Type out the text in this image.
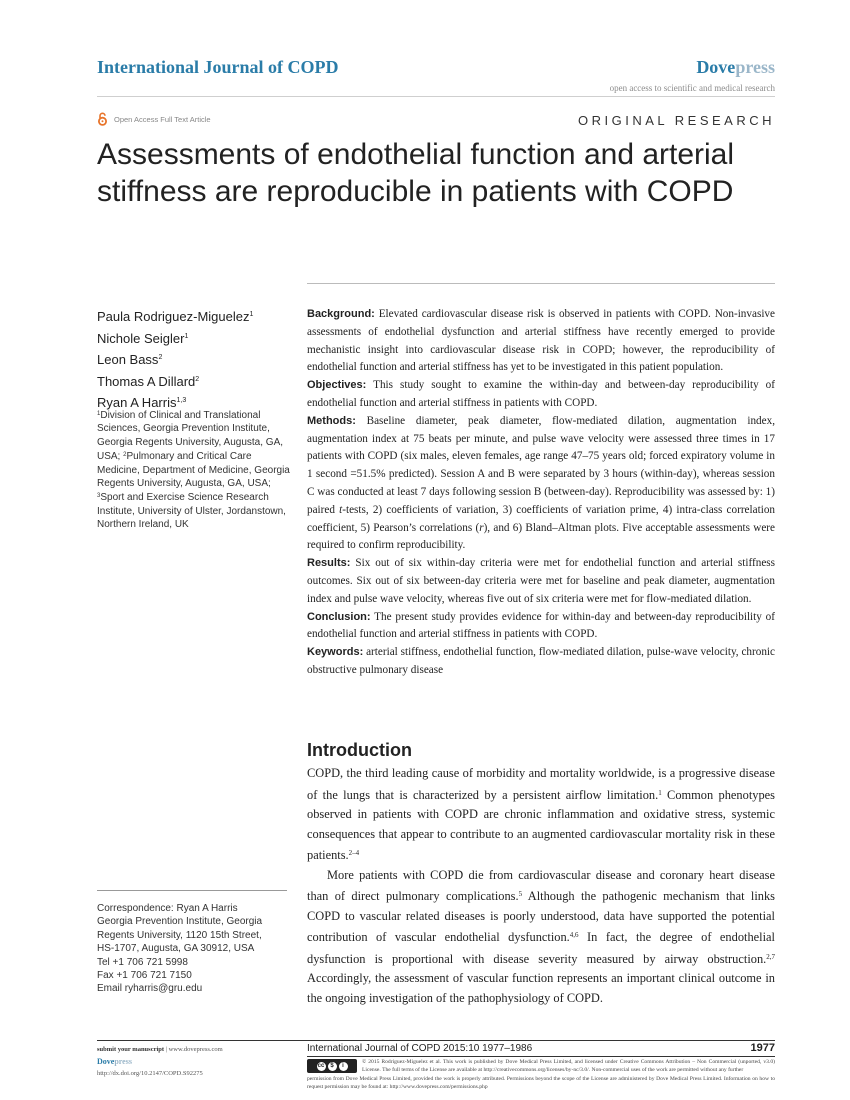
International Journal of COPD	Dovepress
open access to scientific and medical research
Open Access Full Text Article	ORIGINAL RESEARCH
Assessments of endothelial function and arterial
stiffness are reproducible in patients with COPD
Paula Rodriguez-Miguelez$^1$
Nichole Seigler$^1$
Leon Bass$^2$
Thomas A Dillard$^2$
Ryan A Harris$^{1,3}$
$^1$Division of Clinical and Translational Sciences, Georgia Prevention Institute, Georgia Regents University, Augusta, GA, USA; $^2$Pulmonary and Critical Care Medicine, Department of Medicine, Georgia Regents University, Augusta, GA, USA; $^3$Sport and Exercise Science Research Institute, University of Ulster, Jordanstown, Northern Ireland, UK
Correspondence: Ryan A Harris
Georgia Prevention Institute, Georgia
Regents University, 1120 15th Street,
HS-1707, Augusta, GA 30912, USA
Tel +1 706 721 5998
Fax +1 706 721 7150
Email ryharris@gru.edu

Background: Elevated cardiovascular disease risk is observed in patients with COPD. Non-invasive assessments of endothelial dysfunction and arterial stiffness have recently emerged to provide mechanistic insight into cardiovascular disease risk in COPD; however, the reproducibility of endothelial function and arterial stiffness has yet to be investigated in this patient population.

Objectives: This study sought to examine the within-day and between-day reproducibility of endothelial function and arterial stiffness in patients with COPD.

Methods: Baseline diameter, peak diameter, flow-mediated dilation, augmentation index, augmentation index at 75 beats per minute, and pulse wave velocity were assessed three times in 17 patients with COPD (six males, eleven females, age range 47–75 years old; forced expiratory volume in 1 second =51.5% predicted). Session A and B were separated by 3 hours (within-day), whereas session C was conducted at least 7 days following session B (between-day). Reproducibility was assessed by: 1) paired t-tests, 2) coefficients of variation, 3) coefficients of variation prime, 4) intra-class correlation coefficient, 5) Pearson’s correlations (r), and 6) Bland–Altman plots. Five acceptable assessments were required to confirm reproducibility.

Results: Six out of six within-day criteria were met for endothelial function and arterial stiffness outcomes. Six out of six between-day criteria were met for baseline and peak diameter, augmentation index and pulse wave velocity, whereas five out of six criteria were met for flow-mediated dilation.

Conclusion: The present study provides evidence for within-day and between-day reproducibility of endothelial function and arterial stiffness in patients with COPD.

Keywords: arterial stiffness, endothelial function, flow-mediated dilation, pulse-wave velocity, chronic obstructive pulmonary disease

Introduction

COPD, the third leading cause of morbidity and mortality worldwide, is a progressive disease of the lungs that is characterized by a persistent airflow limitation.$^1$ Common phenotypes observed in patients with COPD are chronic inflammation and oxidative stress, systemic consequences that appear to contribute to an augmented cardiovascular mortality risk in these patients.$^{2-4}$

More patients with COPD die from cardiovascular disease and coronary heart disease than of direct pulmonary complications.$^5$ Although the pathogenic mechanism that links COPD to vascular related diseases is poorly understood, data have supported the potential contribution of vascular endothelial dysfunction.$^{4,6}$ In fact, the degree of endothelial dysfunction is proportional with disease severity measured by airway obstruction.$^{2,7}$ Accordingly, the assessment of vascular function represents an important clinical outcome in the ongoing investigation of the pathophysiology of COPD.

submit your manuscript | www.dovepress.com
Dovepress
http://dx.doi.org/10.2147/COPD.S92275
International Journal of COPD 2015:10 1977–1986	1977
cc $	i
© 2015 Rodriguez-Miguelez et al. This work is published by Dove Medical Press Limited, and licensed under Creative Commons Attribution – Non Commercial (unported, v3.0) License. The full terms of the License are available at http://creativecommons.org/licenses/by-nc/3.0/. Non-commercial uses of the work are permitted without any further
permission from Dove Medical Press Limited, provided the work is properly attributed. Permissions beyond the scope of the License are administered by Dove Medical Press Limited. Information on how to request permission may be found at: http://www.dovepress.com/permissions.php
